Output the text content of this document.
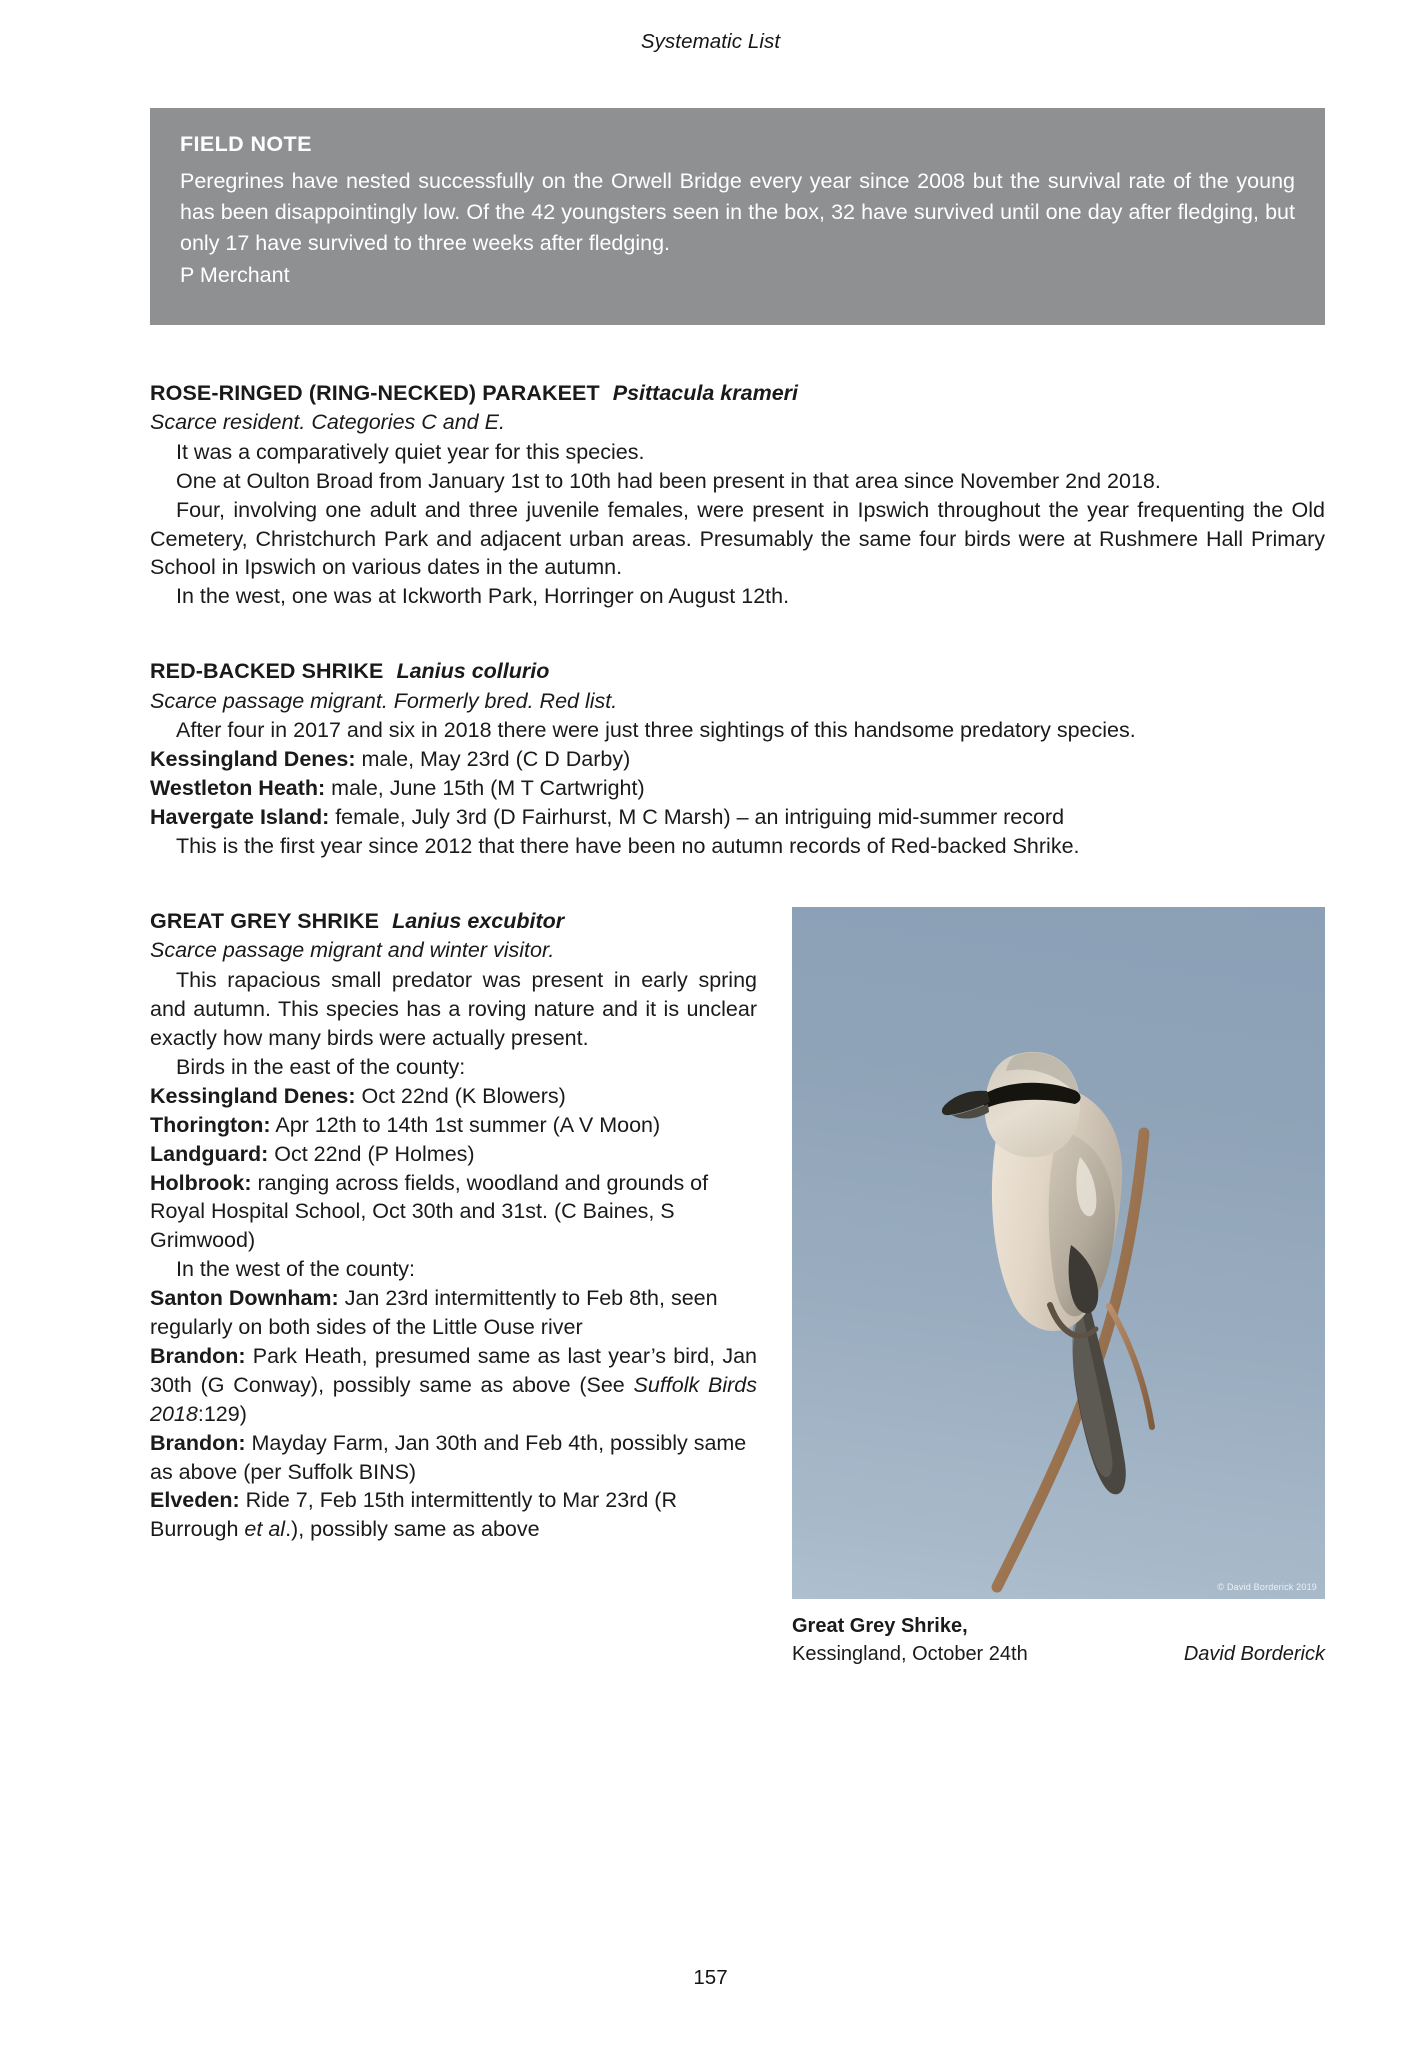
Systematic List
FIELD NOTE

Peregrines have nested successfully on the Orwell Bridge every year since 2008 but the survival rate of the young has been disappointingly low. Of the 42 youngsters seen in the box, 32 have survived until one day after fledging, but only 17 have survived to three weeks after fledging.

P Merchant

ROSE-RINGED (RING-NECKED) PARAKEET Psittacula krameri
Scarce resident. Categories C and E.

It was a comparatively quiet year for this species.

One at Oulton Broad from January 1st to 10th had been present in that area since November 2nd 2018.

Four, involving one adult and three juvenile females, were present in Ipswich throughout the year frequenting the Old Cemetery, Christchurch Park and adjacent urban areas. Presumably the same four birds were at Rushmere Hall Primary School in Ipswich on various dates in the autumn.

In the west, one was at Ickworth Park, Horringer on August 12th.

RED-BACKED SHRIKE Lanius collurio
Scarce passage migrant. Formerly bred. Red list.

After four in 2017 and six in 2018 there were just three sightings of this handsome predatory species.

Kessingland Denes: male, May 23rd (C D Darby)

Westleton Heath: male, June 15th (M T Cartwright)

Havergate Island: female, July 3rd (D Fairhurst, M C Marsh) – an intriguing mid-summer record

This is the first year since 2012 that there have been no autumn records of Red-backed Shrike.

GREAT GREY SHRIKE Lanius excubitor
Scarce passage migrant and winter visitor.

This rapacious small predator was present in early spring and autumn. This species has a roving nature and it is unclear exactly how many birds were actually present.

Birds in the east of the county:

Kessingland Denes: Oct 22nd (K Blowers)

Thorington: Apr 12th to 14th 1st summer (A V Moon)

Landguard: Oct 22nd (P Holmes)

Holbrook: ranging across fields, woodland and grounds of Royal Hospital School, Oct 30th and 31st. (C Baines, S Grimwood)

In the west of the county:

Santon Downham: Jan 23rd intermittently to Feb 8th, seen regularly on both sides of the Little Ouse river

Brandon: Park Heath, presumed same as last year’s bird, Jan 30th (G Conway), possibly same as above (See Suffolk Birds 2018:129)

Brandon: Mayday Farm, Jan 30th and Feb 4th, possibly same as above (per Suffolk BINS)

Elveden: Ride 7, Feb 15th intermittently to Mar 23rd (R Burrough et al.), possibly same as above

© David Borderick 2019
Great Grey Shrike,
Kessingland, October 24th	David Borderick
157
